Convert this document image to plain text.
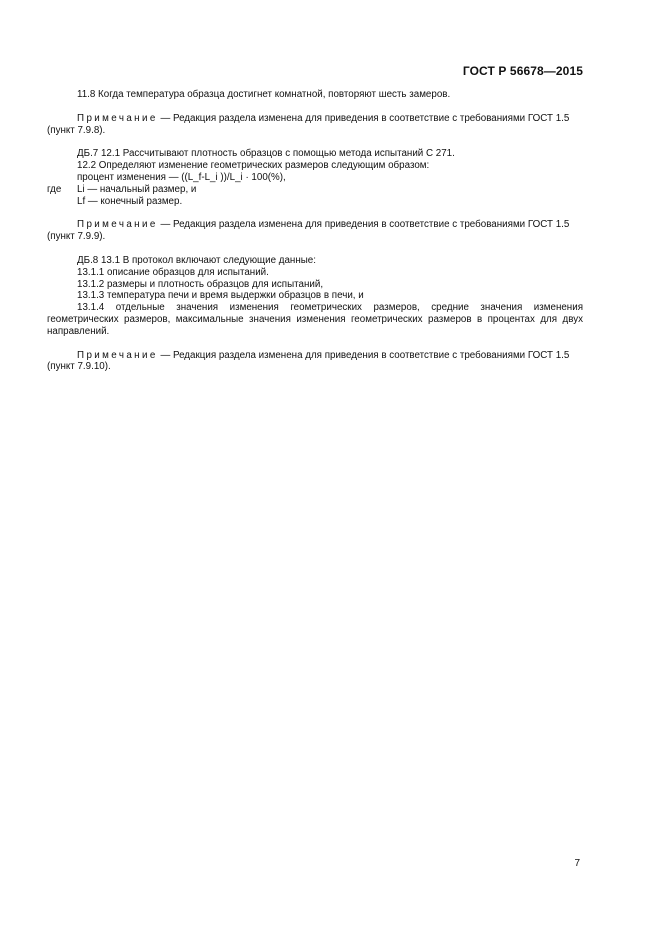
ГОСТ Р 56678—2015

11.8 Когда температура образца достигнет комнатной, повторяют шесть замеров.

Примечание — Редакция раздела изменена для приведения в соответствие с требованиями ГОСТ 1.5

(пункт 7.9.8).

ДБ.7 12.1 Рассчитывают плотность образцов с помощью метода испытаний С 271.

12.2 Определяют изменение геометрических размеров следующим образом:

процент изменения — ((L_f-L_i ))/L_i · 100(%),

где	Li — начальный размер, и

Lf — конечный размер.

Примечание — Редакция раздела изменена для приведения в соответствие с требованиями ГОСТ 1.5

(пункт 7.9.9).

ДБ.8 13.1 В протокол включают следующие данные:

13.1.1 описание образцов для испытаний.

13.1.2 размеры и плотность образцов для испытаний,

13.1.3 температура печи и время выдержки образцов в печи, и

13.1.4 отдельные значения изменения геометрических размеров, средние значения изменения

геометрических размеров, максимальные значения изменения геометрических размеров в процентах для двух

направлений.

Примечание — Редакция раздела изменена для приведения в соответствие с требованиями ГОСТ 1.5

(пункт 7.9.10).

7
